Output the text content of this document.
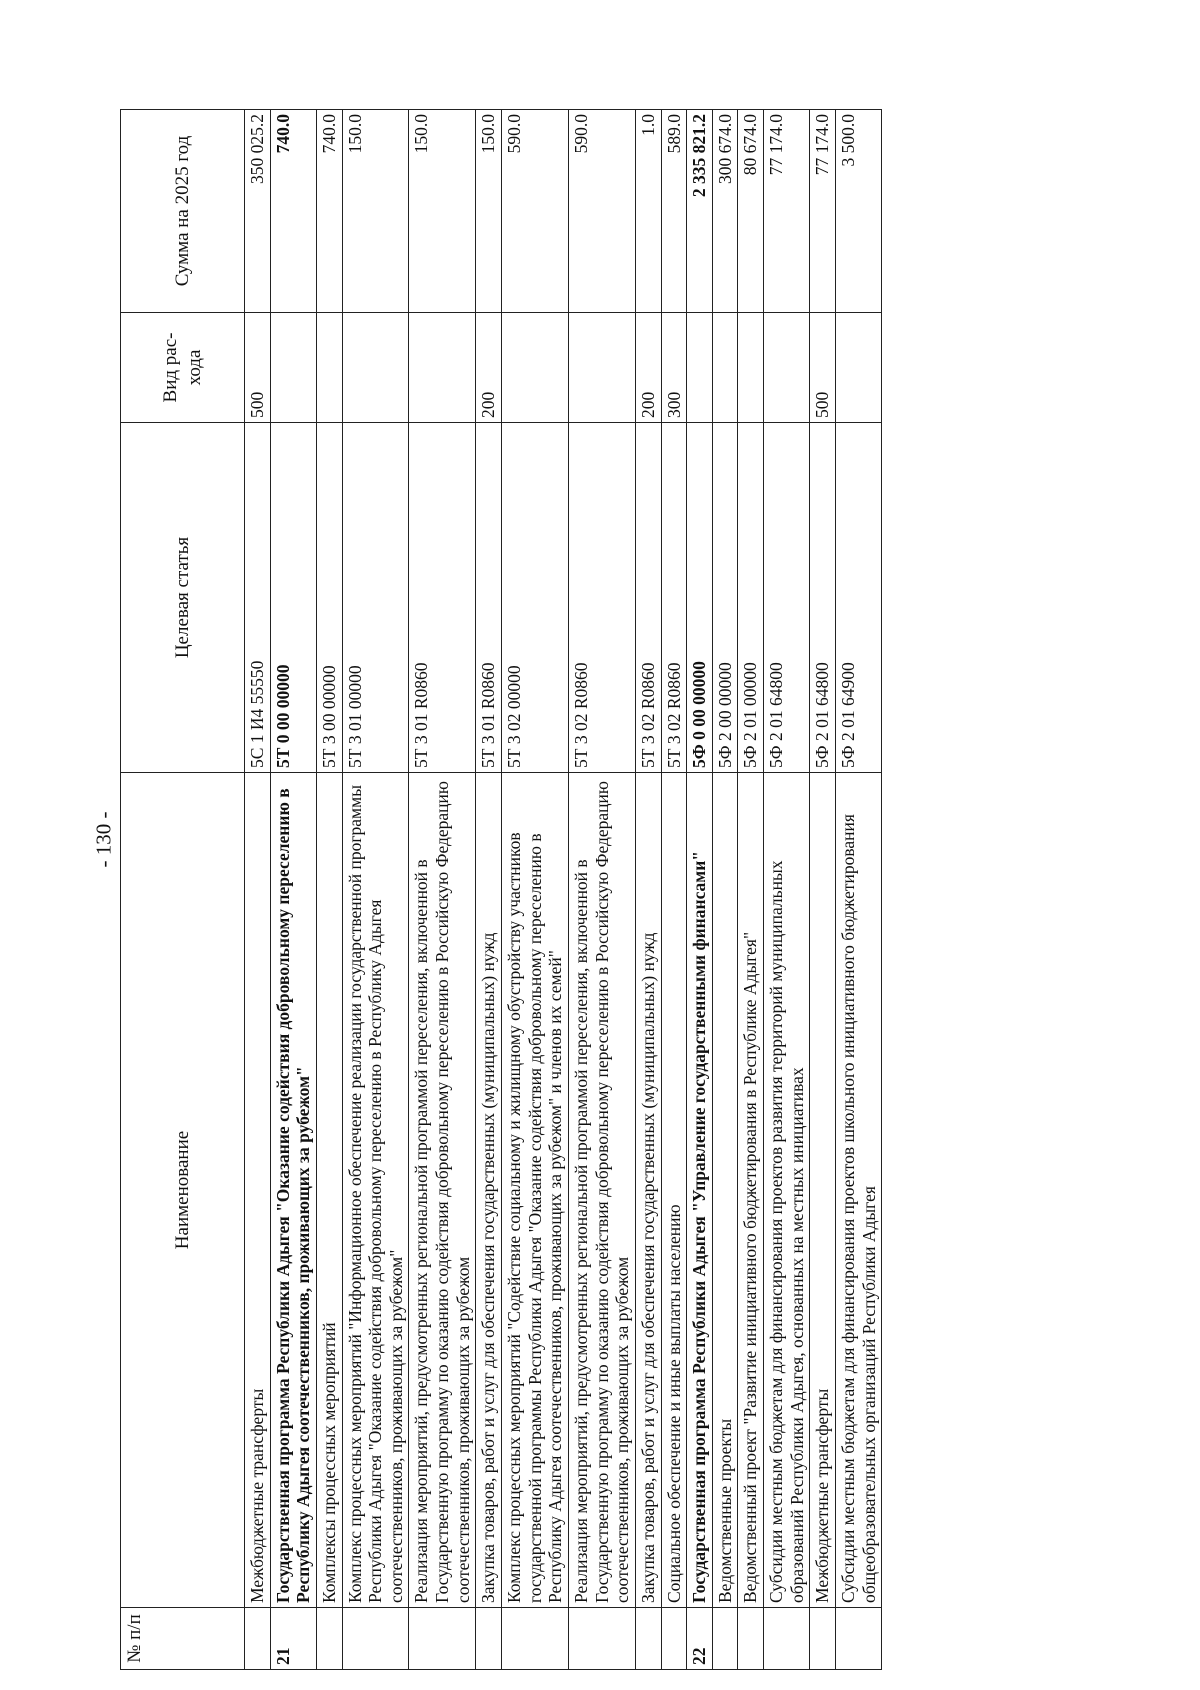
- 130 -
№ п/п	Наименование	Целевая статья	Вид рас-хода	Сумма на 2025 год
	Межбюджетные трансферты	5С 1 И4 55550	500	350 025.2
21	Государственная программа Республики Адыгея "Оказание содействия добровольному переселению в Республику Адыгея соотечественников, проживающих за рубежом"	5Т 0 00 00000		740.0
	Комплексы процессных мероприятий	5Т 3 00 00000		740.0
	Комплекс процессных мероприятий "Информационное обеспечение реализации государственной программы Республики Адыгея "Оказание содействия добровольному переселению в Республику Адыгея соотечественников, проживающих за рубежом"	5Т 3 01 00000		150.0
	Реализация мероприятий, предусмотренных региональной программой переселения, включенной в Государственную программу по оказанию содействия добровольному переселению в Российскую Федерацию соотечественников, проживающих за рубежом	5Т 3 01 R0860		150.0
	Закупка товаров, работ и услуг для обеспечения государственных (муниципальных) нужд	5Т 3 01 R0860	200	150.0
	Комплекс процессных мероприятий "Содействие социальному и жилищному обустройству участников государственной программы Республики Адыгея "Оказание содействия добровольному переселению в Республику Адыгея соотечественников, проживающих за рубежом" и членов их семей"	5Т 3 02 00000		590.0
	Реализация мероприятий, предусмотренных региональной программой переселения, включенной в Государственную программу по оказанию содействия добровольному переселению в Российскую Федерацию соотечественников, проживающих за рубежом	5Т 3 02 R0860		590.0
	Закупка товаров, работ и услуг для обеспечения государственных (муниципальных) нужд	5Т 3 02 R0860	200	1.0
	Социальное обеспечение и иные выплаты населению	5Т 3 02 R0860	300	589.0
22	Государственная программа Республики Адыгея "Управление государственными финансами"	5Ф 0 00 00000		2 335 821.2
	Ведомственные проекты	5Ф 2 00 00000		300 674.0
	Ведомственный проект "Развитие инициативного бюджетирования в Республике Адыгея"	5Ф 2 01 00000		80 674.0
	Субсидии местным бюджетам для финансирования проектов развития территорий муниципальных образований Республики Адыгея, основанных на местных инициативах	5Ф 2 01 64800		77 174.0
	Межбюджетные трансферты	5Ф 2 01 64800	500	77 174.0
	Субсидии местным бюджетам для финансирования проектов школьного инициативного бюджетирования общеобразовательных организаций Республики Адыгея	5Ф 2 01 64900		3 500.0
